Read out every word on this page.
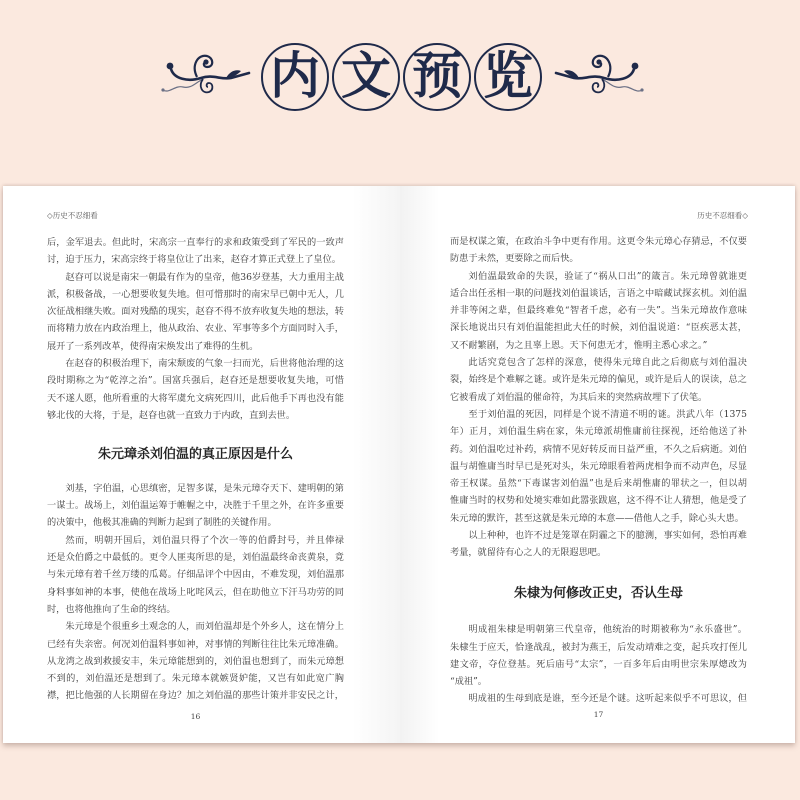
内 文 预 览
◇历史不忍细看
后，金军退去。但此时，宋高宗一直奉行的求和政策受到了军民的一致声
讨，迫于压力，宋高宗终于将皇位让了出来，赵昚才算正式登上了皇位。
赵昚可以说是南宋一朝最有作为的皇帝，他36岁登基，大力重用主战
派，积极备战，一心想要收复失地。但可惜那时的南宋早已朝中无人，几
次征战相继失败。面对残酷的现实，赵昚不得不放弃收复失地的想法，转
而将精力放在内政治理上，他从政治、农业、军事等多个方面同时入手，
展开了一系列改革，使得南宋焕发出了难得的生机。
在赵昚的积极治理下，南宋颓废的气象一扫而光，后世将他治理的这
段时期称之为“乾淳之治”。国富兵强后，赵昚还是想要收复失地，可惜
天不遂人愿，他所看重的大将军虞允文病死四川，此后他手下再也没有能
够北伐的大将，于是，赵昚也就一直致力于内政，直到去世。
朱元璋杀刘伯温的真正原因是什么
刘基，字伯温，心思缜密，足智多谋，是朱元璋夺天下、建明朝的第
一谋士。战场上，刘伯温运筹于帷幄之中，决胜于千里之外，在许多重要
的决策中，他极其准确的判断力起到了制胜的关键作用。
然而，明朝开国后，刘伯温只得了个次一等的伯爵封号，并且俸禄
还是众伯爵之中最低的。更令人匪夷所思的是，刘伯温最终命丧黄泉，竟
与朱元璋有着千丝万缕的瓜葛。仔细品评个中因由，不难发现，刘伯温那
身料事如神的本事，使他在战场上叱咤风云，但在助他立下汗马功劳的同
时，也将他推向了生命的终结。
朱元璋是个很重乡土观念的人，而刘伯温却是个外乡人，这在情分上
已经有失亲密。何况刘伯温料事如神，对事情的判断往往比朱元璋准确。
从龙湾之战到救援安丰，朱元璋能想到的，刘伯温也想到了，而朱元璋想
不到的，刘伯温还是想到了。朱元璋本就嫉贤妒能，又岂有如此宽广胸
襟，把比他强的人长期留在身边？加之刘伯温的那些计策并非安民之计，
16
历史不忍细看◇
而是权谋之策，在政治斗争中更有作用。这更令朱元璋心存猜忌，不仅要
防患于未然，更要除之而后快。
刘伯温最致命的失误，验证了“祸从口出”的箴言。朱元璋曾就谁更
适合出任丞相一职的问题找刘伯温谈话，言语之中暗藏试探玄机。刘伯温
并非等闲之辈，但最终难免“智者千虑，必有一失”。当朱元璋故作意味
深长地说出只有刘伯温能担此大任的时候，刘伯温说道：“臣疾恶太甚，
又不耐繁剧，为之且辜上恩。天下何患无才，惟明主悉心求之。”
此话究竟包含了怎样的深意，使得朱元璋自此之后彻底与刘伯温决
裂，始终是个难解之谜。或许是朱元璋的偏见，或许是后人的误读，总之
它被看成了刘伯温的催命符，为其后来的突然病故埋下了伏笔。
至于刘伯温的死因，同样是个说不清道不明的谜。洪武八年（1375
年）正月，刘伯温生病在家，朱元璋派胡惟庸前往探视，还给他送了补
药。刘伯温吃过补药，病情不见好转反而日益严重，不久之后病逝。刘伯
温与胡惟庸当时早已是死对头，朱元璋眼看着两虎相争而不动声色，尽显
帝王权谋。虽然“下毒谋害刘伯温”也是后来胡惟庸的罪状之一，但以胡
惟庸当时的权势和处境实难如此嚣张跋扈，这不得不让人猜想，他是受了
朱元璋的默许，甚至这就是朱元璋的本意——借他人之手，除心头大患。
以上种种，也许不过是笼罩在阴霾之下的臆测，事实如何，恐怕再难
考量，就留待有心之人的无限遐思吧。
朱棣为何修改正史，否认生母
明成祖朱棣是明朝第三代皇帝，他统治的时期被称为“永乐盛世”。
朱棣生于应天，恰逢战乱，被封为燕王，后发动靖难之变，起兵攻打侄儿
建文帝，夺位登基。死后庙号“太宗”，一百多年后由明世宗朱厚熜改为
“成祖”。
明成祖的生母到底是谁，至今还是个谜。这听起来似乎不可思议，但
17
